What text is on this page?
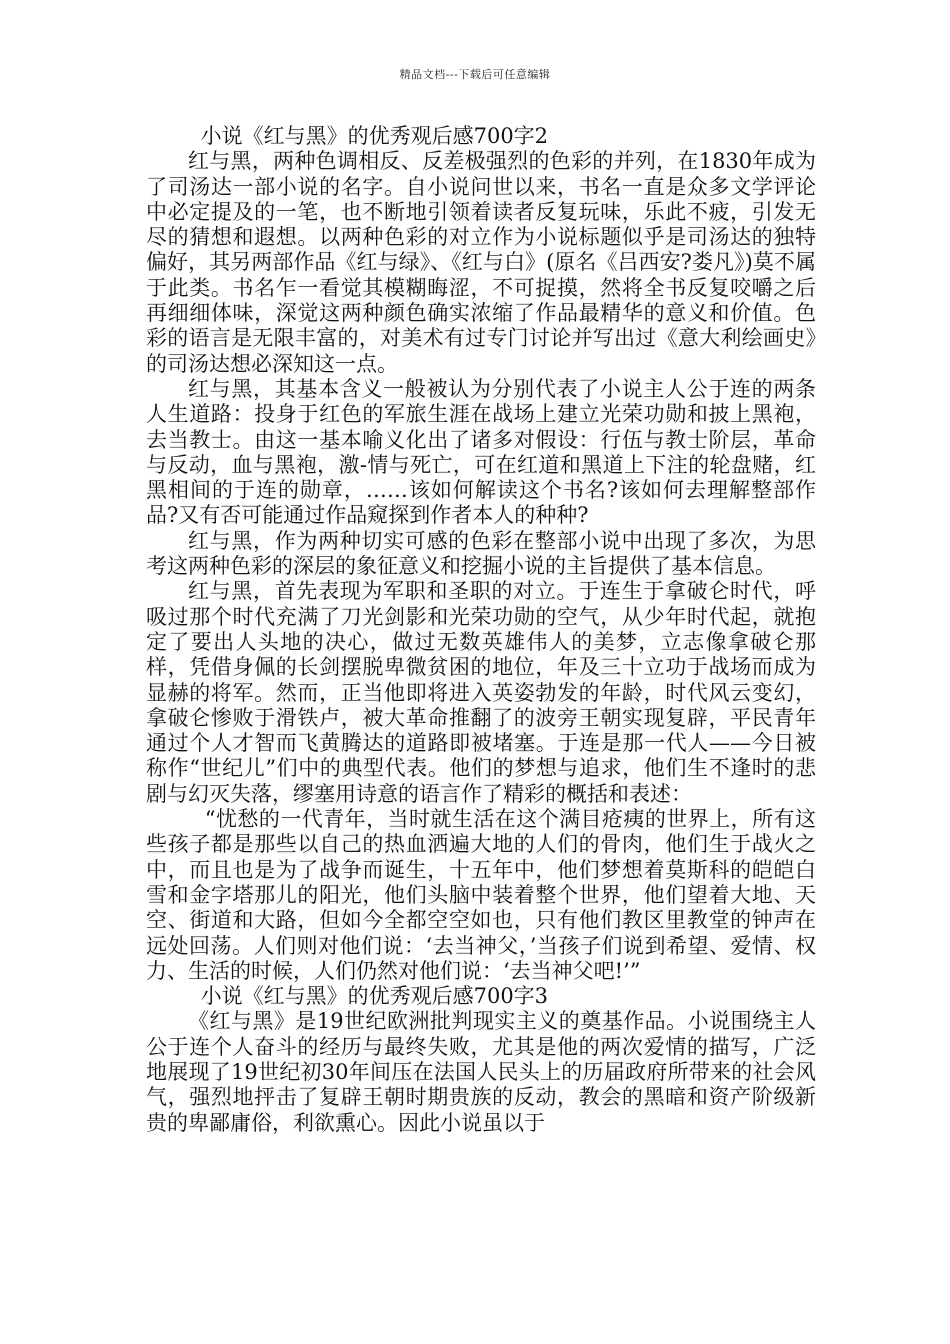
精品文档---下载后可任意编辑

小说《红与黑》的优秀观后感700字2

红与黑，两种色调相反、反差极强烈的色彩的并列，在1830年成为了司汤达一部小说的名字。自小说问世以来，书名一直是众多文学评论中必定提及的一笔，也不断地引领着读者反复玩味，乐此不疲，引发无尽的猜想和遐想。以两种色彩的对立作为小说标题似乎是司汤达的独特偏好，其另两部作品《红与绿》、《红与白》(原名《吕西安?娄凡》)莫不属于此类。书名乍一看觉其模糊晦涩，不可捉摸，然将全书反复咬嚼之后再细细体味，深觉这两种颜色确实浓缩了作品最精华的意义和价值。色彩的语言是无限丰富的，对美术有过专门讨论并写出过《意大利绘画史》的司汤达想必深知这一点。

红与黑，其基本含义一般被认为分别代表了小说主人公于连的两条人生道路：投身于红色的军旅生涯在战场上建立光荣功勋和披上黑袍，去当教士。由这一基本喻义化出了诸多对假设：行伍与教士阶层，革命与反动，血与黑袍，激-情与死亡，可在红道和黑道上下注的轮盘赌，红黑相间的于连的勋章，……该如何解读这个书名?该如何去理解整部作品?又有否可能通过作品窥探到作者本人的种种?

红与黑，作为两种切实可感的色彩在整部小说中出现了多次，为思考这两种色彩的深层的象征意义和挖掘小说的主旨提供了基本信息。

红与黑，首先表现为军职和圣职的对立。于连生于拿破仑时代，呼吸过那个时代充满了刀光剑影和光荣功勋的空气，从少年时代起，就抱定了要出人头地的决心，做过无数英雄伟人的美梦，立志像拿破仑那样，凭借身佩的长剑摆脱卑微贫困的地位，年及三十立功于战场而成为显赫的将军。然而，正当他即将进入英姿勃发的年龄，时代风云变幻，拿破仑惨败于滑铁卢，被大革命推翻了的波旁王朝实现复辟，平民青年通过个人才智而飞黄腾达的道路即被堵塞。于连是那一代人——今日被称作“世纪儿”们中的典型代表。他们的梦想与追求，他们生不逢时的悲剧与幻灭失落，缪塞用诗意的语言作了精彩的概括和表述：

“忧愁的一代青年，当时就生活在这个满目疮痍的世界上，所有这些孩子都是那些以自己的热血洒遍大地的人们的骨肉，他们生于战火之中，而且也是为了战争而诞生，十五年中，他们梦想着莫斯科的皑皑白雪和金字塔那儿的阳光，他们头脑中装着整个世界，他们望着大地、天空、街道和大路，但如今全都空空如也，只有他们教区里教堂的钟声在远处回荡。人们则对他们说：‘去当神父，’当孩子们说到希望、爱情、权力、生活的时候，人们仍然对他们说：‘去当神父吧!’”

小说《红与黑》的优秀观后感700字3

《红与黑》是19世纪欧洲批判现实主义的奠基作品。小说围绕主人公于连个人奋斗的经历与最终失败，尤其是他的两次爱情的描写，广泛地展现了19世纪初30年间压在法国人民头上的历届政府所带来的社会风气，强烈地抨击了复辟王朝时期贵族的反动，教会的黑暗和资产阶级新贵的卑鄙庸俗，利欲熏心。因此小说虽以于
